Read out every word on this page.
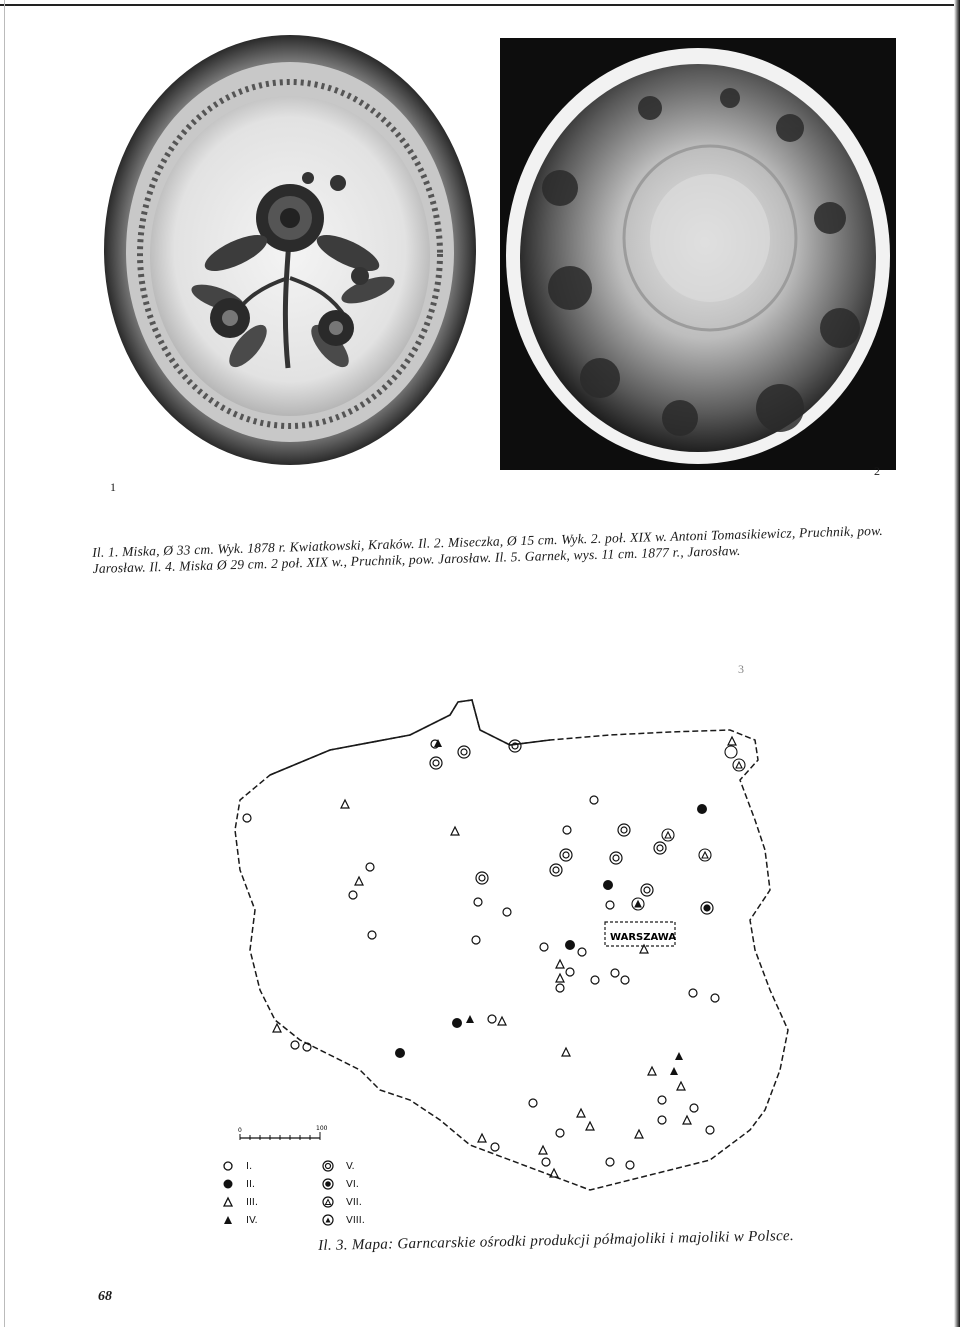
1
2
Il. 1. Miska, Ø 33 cm. Wyk. 1878 r. Kwiatkowski, Kraków. Il. 2. Miseczka, Ø 15 cm. Wyk. 2. poł. XIX w. Antoni Tomasikiewicz, Pruchnik, pow. Jarosław. Il. 4. Miska Ø 29 cm. 2 poł. XIX w., Pruchnik, pow. Jarosław. Il. 5. Garnek, wys. 11 cm. 1877 r., Jarosław.
3
WARSZAWA
0	100
I.
II.
III.
IV.
V.
VI.
VII.
VIII.
Il. 3. Mapa: Garncarskie ośrodki produkcji półmajoliki i majoliki w Polsce.
68
